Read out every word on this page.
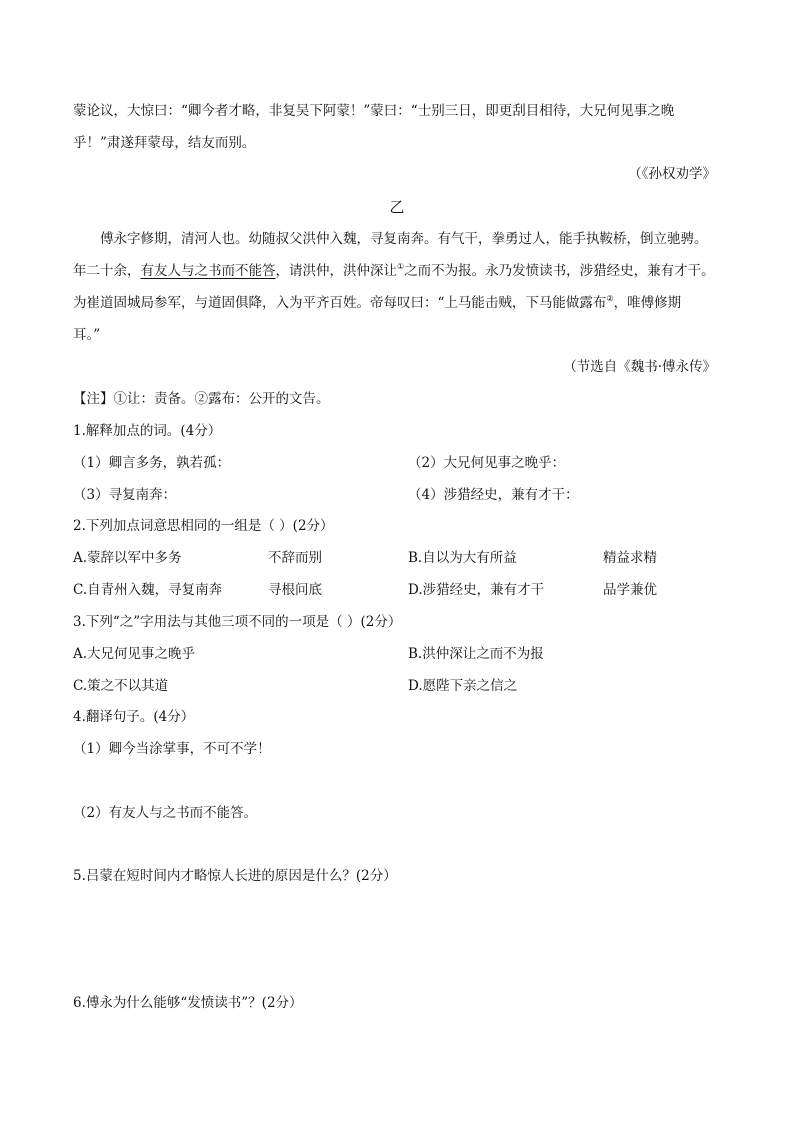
蒙论议，大惊曰：“卿今者才略，非复吴下阿蒙！”蒙曰：“士别三日，即更刮目相待，大兄何见事之晚
乎！”肃遂拜蒙母，结友而别。
（《孙权劝学》
乙
傅永字修期，清河人也。幼随叔父洪仲入魏，寻复南奔。有气干，拳勇过人，能手执鞍桥，倒立驰骋。
年二十余，有友人与之书而不能答，请洪仲，洪仲深让①之而不为报。永乃发愤读书，涉猎经史，兼有才干。
为崔道固城局参军，与道固俱降，入为平齐百姓。帝每叹曰：“上马能击贼，下马能做露布②，唯傅修期
耳。”
（节选自《魏书·傅永传》
【注】①让：责备。②露布：公开的文告。
1.解释加点的词。(4分）
（1）卿言多务，孰若孤：	（2）大兄何见事之晚乎：
（3）寻复南奔：	（4）涉猎经史，兼有才干：
2.下列加点词意思相同的一组是（ ）(2分）
A.蒙辞以军中多务	不辞而别	B.自以为大有所益	精益求精
C.自青州入魏，寻复南奔	寻根问底	D.涉猎经史，兼有才干	品学兼优
3.下列“之”字用法与其他三项不同的一项是（ ）(2分）
A.大兄何见事之晚乎	B.洪仲深让之而不为报
C.策之不以其道	D.愿陛下亲之信之
4.翻译句子。(4分）
（1）卿今当涂掌事，不可不学！
（2）有友人与之书而不能答。
5.吕蒙在短时间内才略惊人长进的原因是什么？(2分）
6.傅永为什么能够“发愤读书”？(2分）
